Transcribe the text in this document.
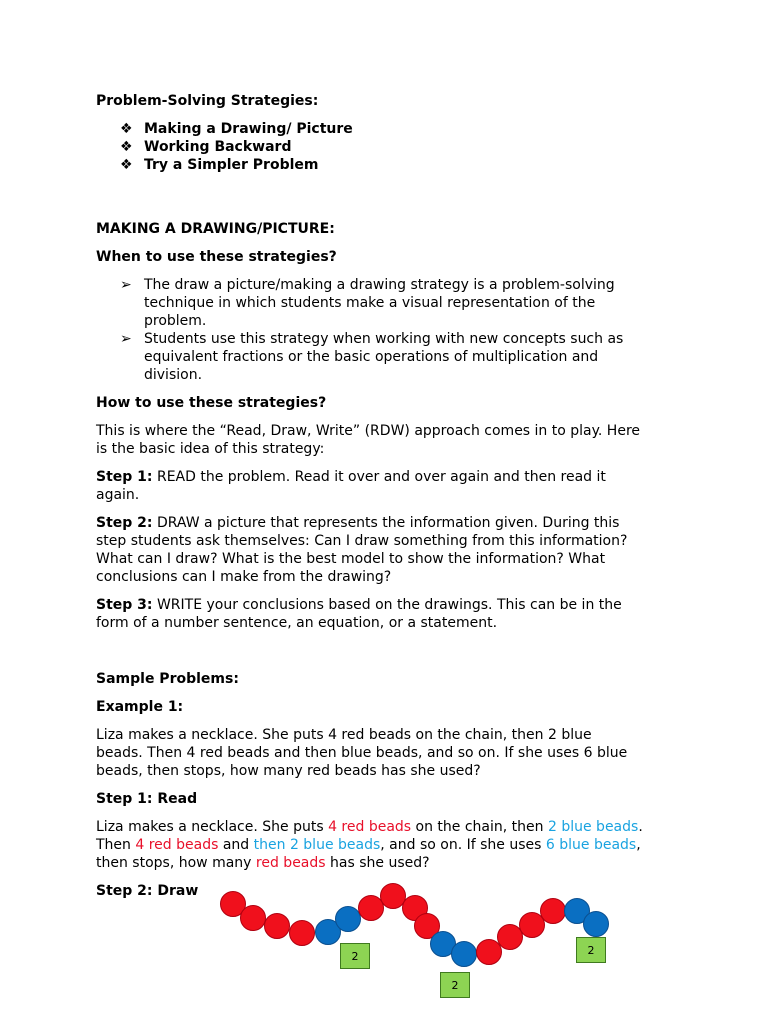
Problem-Solving Strategies:
❖ Making a Drawing/ Picture
❖ Working Backward
❖ Try a Simpler Problem
MAKING A DRAWING/PICTURE:
When to use these strategies?
➢ The draw a picture/making a drawing strategy is a problem-solving
technique in which students make a visual representation of the
problem.
➢ Students use this strategy when working with new concepts such as
equivalent fractions or the basic operations of multiplication and
division.
How to use these strategies?
This is where the “Read, Draw, Write” (RDW) approach comes in to play. Here
is the basic idea of this strategy:
Step 1: READ the problem. Read it over and over again and then read it
again.
Step 2: DRAW a picture that represents the information given. During this
step students ask themselves: Can I draw something from this information?
What can I draw? What is the best model to show the information? What
conclusions can I make from the drawing?
Step 3: WRITE your conclusions based on the drawings. This can be in the
form of a number sentence, an equation, or a statement.
Sample Problems:
Example 1:
Liza makes a necklace. She puts 4 red beads on the chain, then 2 blue
beads. Then 4 red beads and then blue beads, and so on. If she uses 6 blue
beads, then stops, how many red beads has she used?
Step 1: Read
Liza makes a necklace. She puts 4 red beads on the chain, then 2 blue beads.
Then 4 red beads and then 2 blue beads, and so on. If she uses 6 blue beads,
then stops, how many red beads has she used?
Step 2: Draw
2	2
2
